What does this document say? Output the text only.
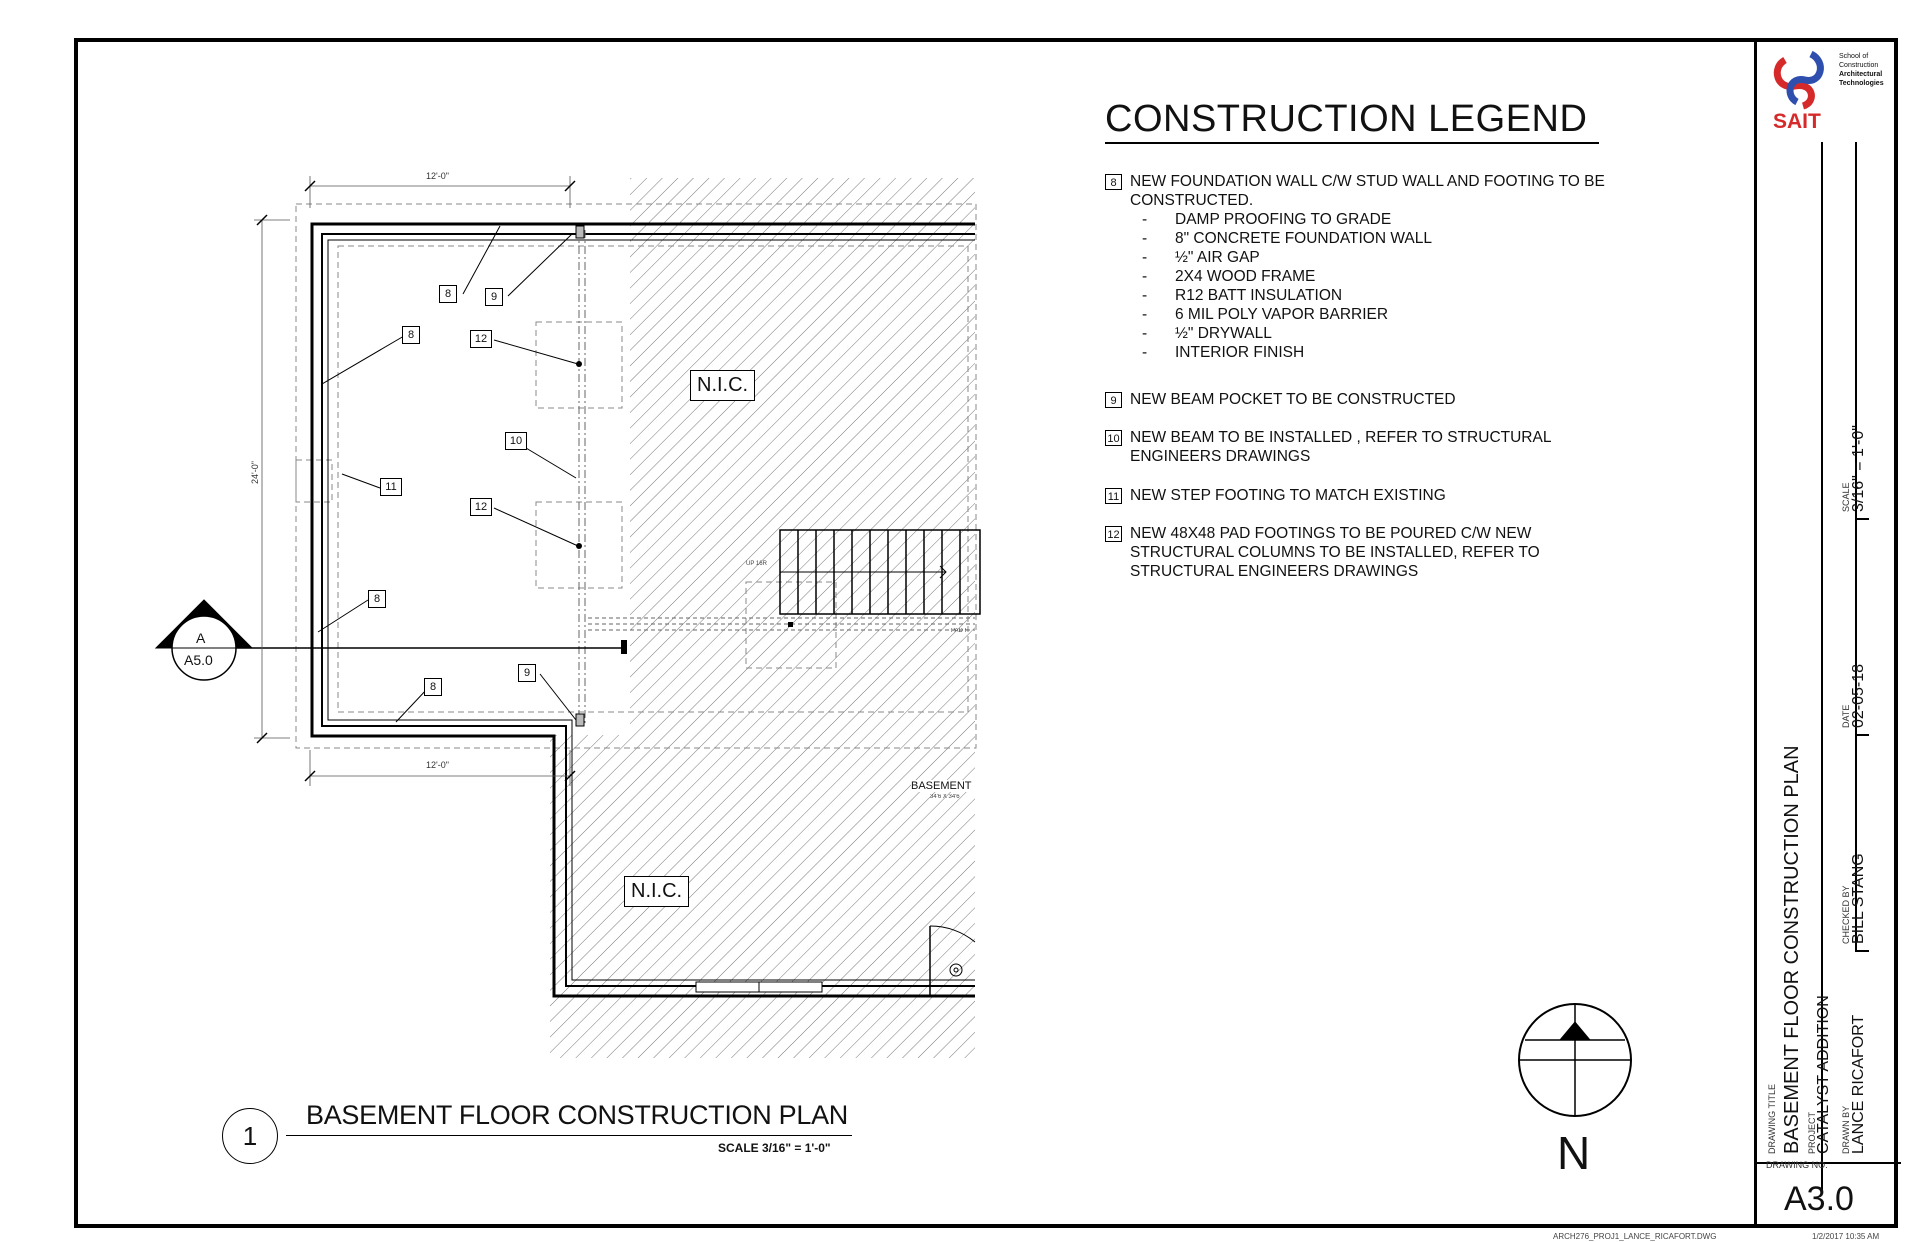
12'-0"
12'-0"
24'-0"
N.I.C.
N.I.C.
BASEMENT
34'6 X 34'6
UP 16R
PAD F
A
A5.0
8	9
8	12
10
11
12
8
9
8
1
BASEMENT FLOOR CONSTRUCTION PLAN
SCALE 3/16" = 1'-0"	N
CONSTRUCTION LEGEND
8 NEW FOUNDATION WALL C/W STUD WALL AND FOOTING TO BE CONSTRUCTED.
- DAMP PROOFING TO GRADE
- 8" CONCRETE FOUNDATION WALL
- ½" AIR GAP
- 2X4 WOOD FRAME
- R12 BATT INSULATION
- 6 MIL POLY VAPOR BARRIER
- ½" DRYWALL
- INTERIOR FINISH
9 NEW BEAM POCKET TO BE CONSTRUCTED
10 NEW BEAM TO BE INSTALLED , REFER TO STRUCTURAL ENGINEERS DRAWINGS
11 NEW STEP FOOTING TO MATCH EXISTING
12 NEW 48X48 PAD FOOTINGS TO BE POURED C/W NEW STRUCTURAL COLUMNS TO BE INSTALLED, REFER TO STRUCTURAL ENGINEERS DRAWINGS
SAIT
School of
Construction
Architectural
Technologies
DRAWING TITLE BASEMENT FLOOR CONSTRUCTION PLAN PROJECT
CATALYST ADDITION DRAWN BY LANCE RICAFORT
CHECKED BY BILL STANG
DATE 02-05-18
SCALE 3/16" = 1'-0"
DRAWING NO.
A3.0
ARCH276_PROJ1_LANCE_RICAFORT.DWG	1/2/2017 10:35 AM
